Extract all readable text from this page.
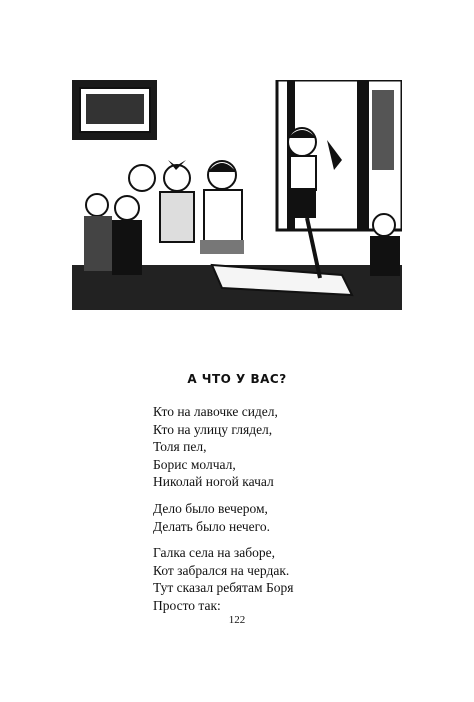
А ЧТО У ВАС?
Кто на лавочке сидел,
Кто на улицу глядел,
Толя пел,
Борис молчал,
Николай ногой качал
Дело было вечером,
Делать было нечего.
Галка села на заборе,
Кот забрался на чердак.
Тут сказал ребятам Боря
Просто так:
122
